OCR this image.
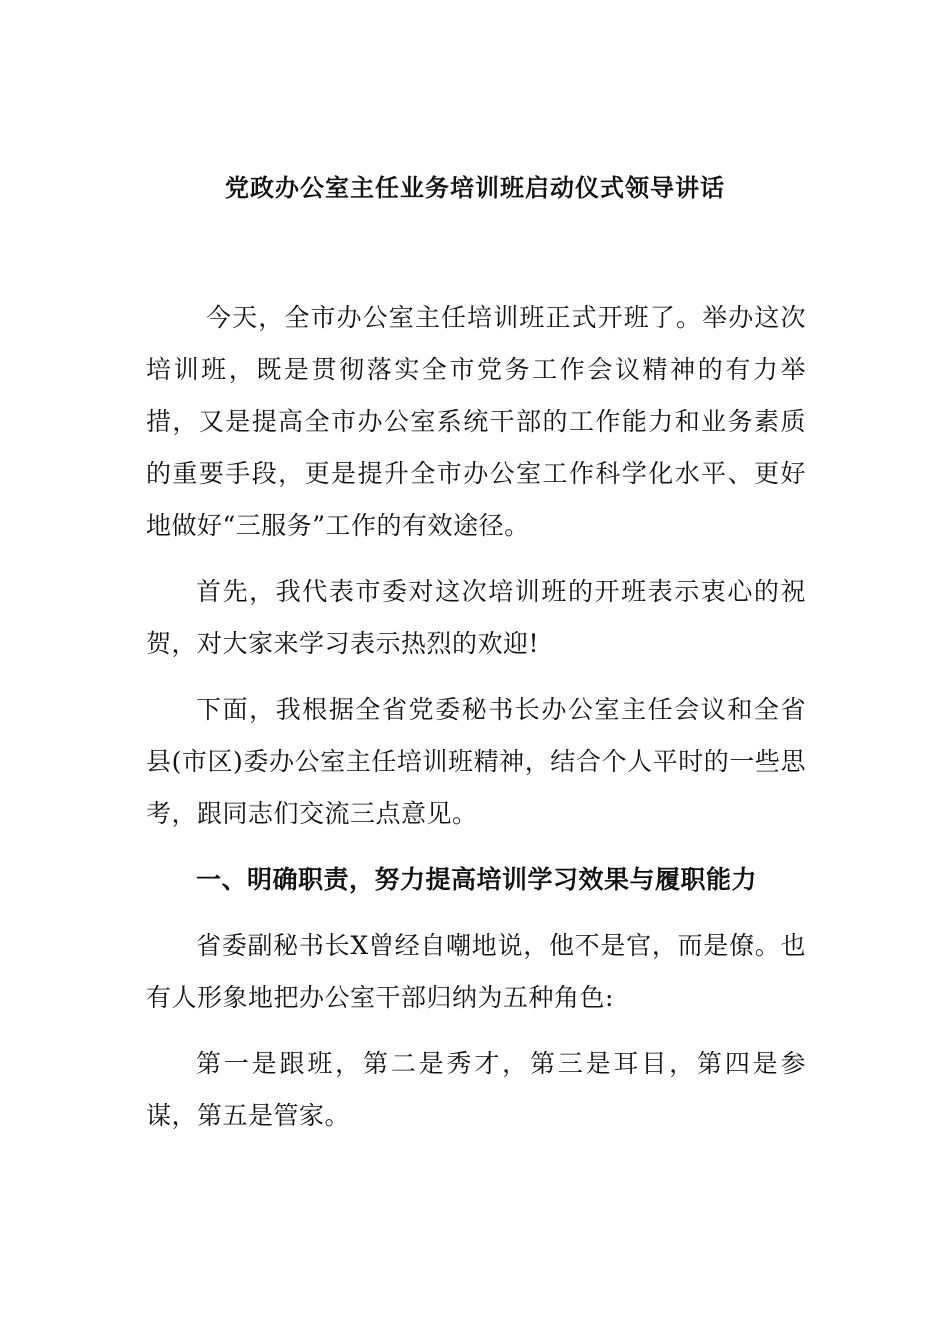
党政办公室主任业务培训班启动仪式领导讲话

今天，全市办公室主任培训班正式开班了。举办这次培训班，既是贯彻落实全市党务工作会议精神的有力举措，又是提高全市办公室系统干部的工作能力和业务素质的重要手段，更是提升全市办公室工作科学化水平、更好地做好“三服务”工作的有效途径。

首先，我代表市委对这次培训班的开班表示衷心的祝贺，对大家来学习表示热烈的欢迎!

下面，我根据全省党委秘书长办公室主任会议和全省县(市区)委办公室主任培训班精神，结合个人平时的一些思考，跟同志们交流三点意见。

一、明确职责，努力提高培训学习效果与履职能力

省委副秘书长X曾经自嘲地说，他不是官，而是僚。也有人形象地把办公室干部归纳为五种角色:

第一是跟班，第二是秀才，第三是耳目，第四是参谋，第五是管家。
